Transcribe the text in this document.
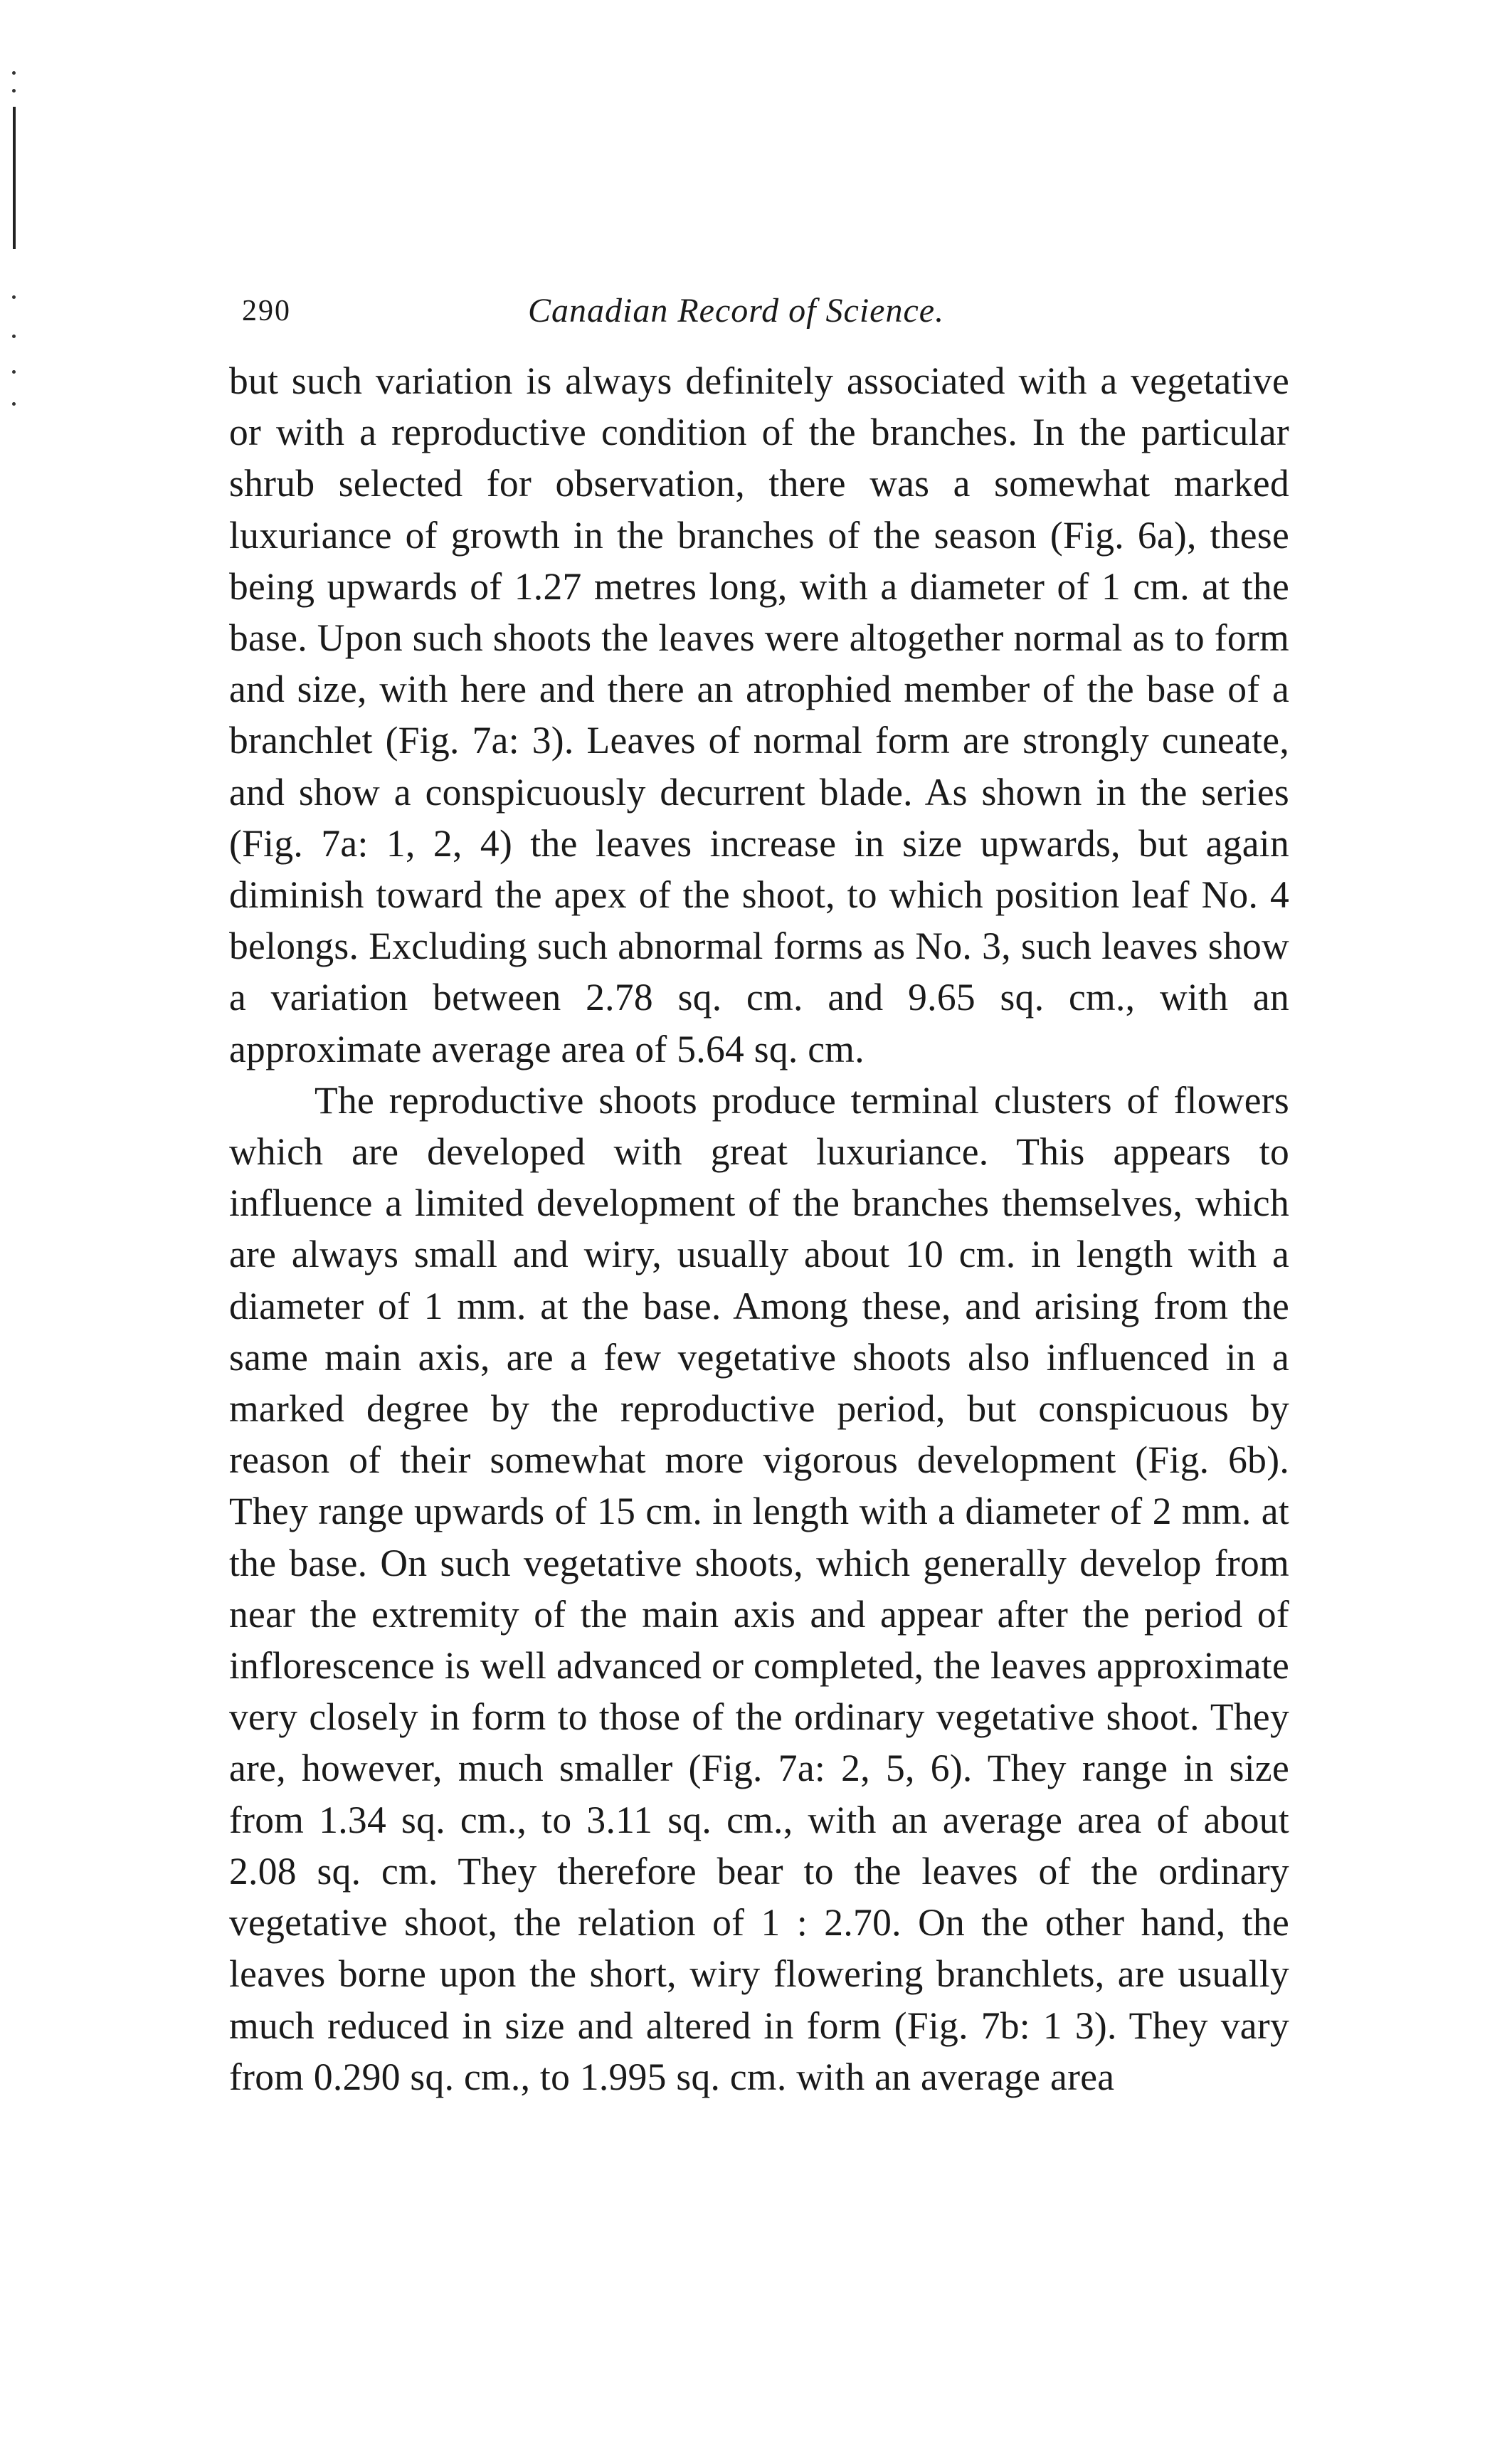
290	Canadian Record of Science.

but such variation is always definitely associated with a vegetative or with a reproductive condition of the branches. In the particular shrub selected for observation, there was a somewhat marked luxuriance of growth in the branches of the season (Fig. 6a), these being upwards of 1.27 metres long, with a diameter of 1 cm. at the base. Upon such shoots the leaves were altogether normal as to form and size, with here and there an atrophied member of the base of a branchlet (Fig. 7a: 3). Leaves of normal form are strongly cuneate, and show a conspicuously decurrent blade. As shown in the series (Fig. 7a: 1, 2, 4) the leaves increase in size upwards, but again diminish toward the apex of the shoot, to which position leaf No. 4 belongs. Excluding such abnormal forms as No. 3, such leaves show a variation between 2.78 sq. cm. and 9.65 sq. cm., with an approximate average area of 5.64 sq. cm.

The reproductive shoots produce terminal clusters of flowers which are developed with great luxuriance. This appears to influence a limited development of the branches themselves, which are always small and wiry, usually about 10 cm. in length with a diameter of 1 mm. at the base. Among these, and arising from the same main axis, are a few vegetative shoots also influenced in a marked degree by the reproductive period, but conspicuous by reason of their somewhat more vigorous development (Fig. 6b). They range upwards of 15 cm. in length with a diameter of 2 mm. at the base. On such vegetative shoots, which generally develop from near the extremity of the main axis and appear after the period of inflorescence is well advanced or completed, the leaves approximate very closely in form to those of the ordinary vegetative shoot. They are, however, much smaller (Fig. 7a: 2, 5, 6). They range in size from 1.34 sq. cm., to 3.11 sq. cm., with an average area of about 2.08 sq. cm. They therefore bear to the leaves of the ordinary vegetative shoot, the relation of 1 : 2.70. On the other hand, the leaves borne upon the short, wiry flowering branchlets, are usually much reduced in size and altered in form (Fig. 7b: 1 3). They vary from 0.290 sq. cm., to 1.995 sq. cm. with an average area
